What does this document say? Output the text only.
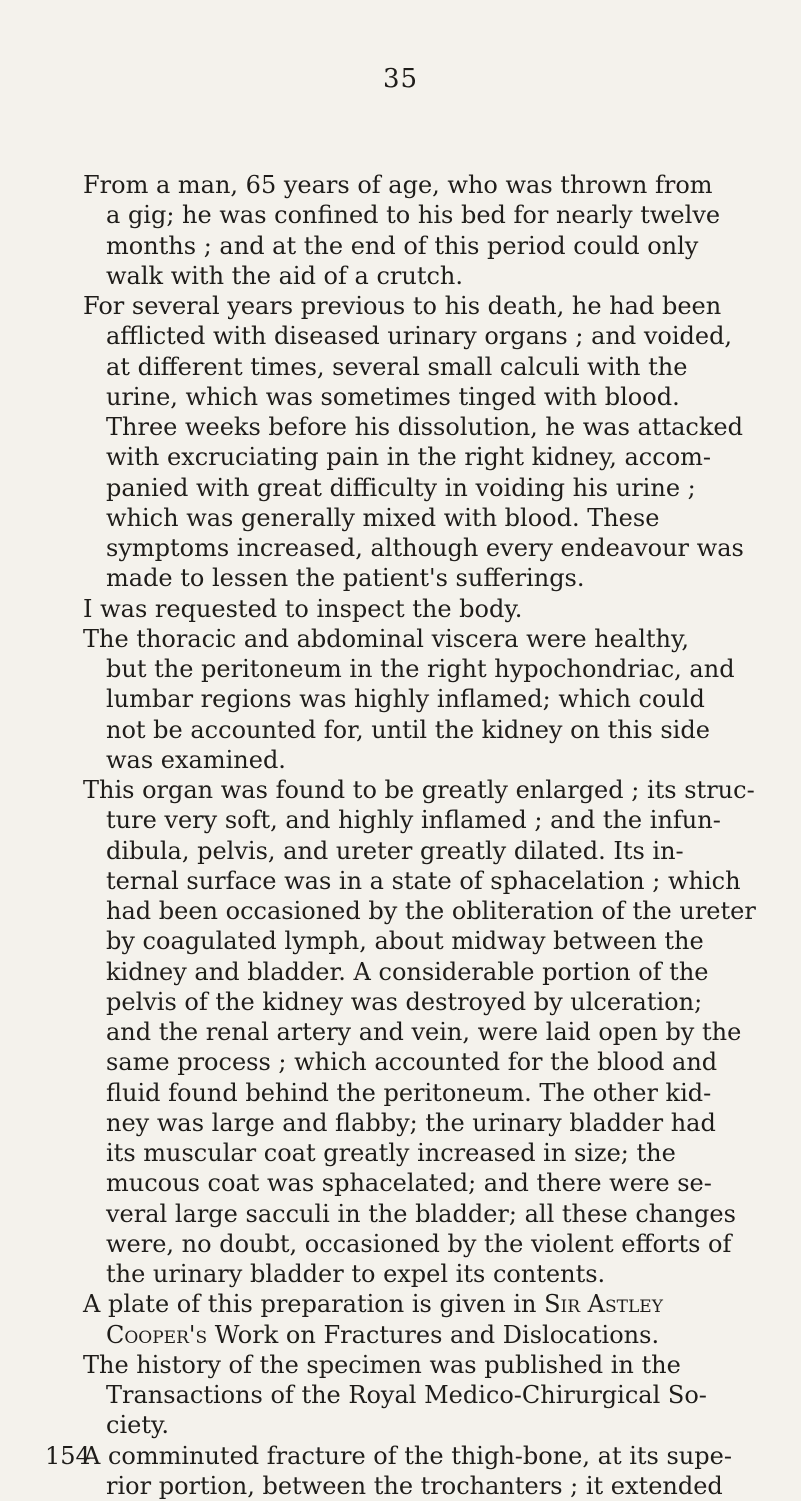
35
From a man, 65 years of age, who was thrown from
a gig; he was confined to his bed for nearly twelve
months ; and at the end of this period could only
walk with the aid of a crutch.
For several years previous to his death, he had been
afflicted with diseased urinary organs ; and voided,
at different times, several small calculi with the
urine, which was sometimes tinged with blood.
Three weeks before his dissolution, he was attacked
with excruciating pain in the right kidney, accom-
panied with great difficulty in voiding his urine ;
which was generally mixed with blood. These
symptoms increased, although every endeavour was
made to lessen the patient's sufferings.
I was requested to inspect the body.
The thoracic and abdominal viscera were healthy,
but the peritoneum in the right hypochondriac, and
lumbar regions was highly inflamed; which could
not be accounted for, until the kidney on this side
was examined.
This organ was found to be greatly enlarged ; its struc-
ture very soft, and highly inflamed ; and the infun-
dibula, pelvis, and ureter greatly dilated. Its in-
ternal surface was in a state of sphacelation ; which
had been occasioned by the obliteration of the ureter
by coagulated lymph, about midway between the
kidney and bladder. A considerable portion of the
pelvis of the kidney was destroyed by ulceration;
and the renal artery and vein, were laid open by the
same process ; which accounted for the blood and
fluid found behind the peritoneum. The other kid-
ney was large and flabby; the urinary bladder had
its muscular coat greatly increased in size; the
mucous coat was sphacelated; and there were se-
veral large sacculi in the bladder; all these changes
were, no doubt, occasioned by the violent efforts of
the urinary bladder to expel its contents.
A plate of this preparation is given in Sir Astley
Cooper's Work on Fractures and Dislocations.
The history of the specimen was published in the
Transactions of the Royal Medico-Chirurgical So-
ciety.
154
A comminuted fracture of the thigh-bone, at its supe-
rior portion, between the trochanters ; it extended
